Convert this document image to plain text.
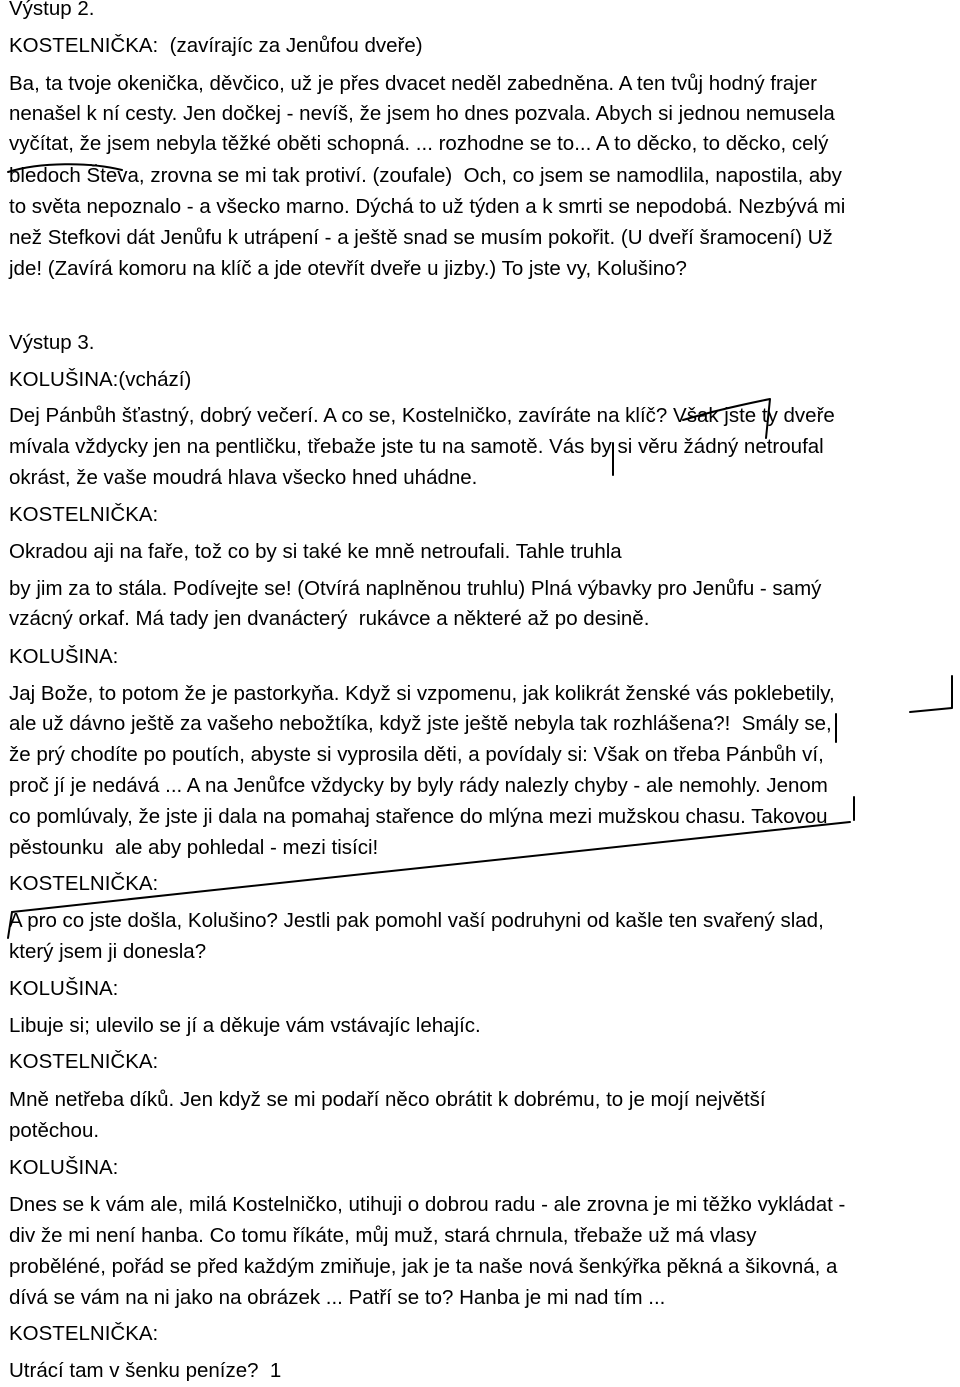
Výstup 2.
KOSTELNIČKA:  (zavírajíc za Jenůfou dveře)
Ba, ta tvoje okenička, děvčico, už je přes dvacet neděl zabedněna. A ten tvůj hodný frajer
nenašel k ní cesty. Jen dočkej - nevíš, že jsem ho dnes pozvala. Abych si jednou nemusela
vyčítat, že jsem nebyla těžké oběti schopná. ... rozhodne se to... A to děcko, to děcko, celý
bledoch Števa, zrovna se mi tak protiví. (zoufale)  Och, co jsem se namodlila, napostila, aby
to světa nepoznalo - a všecko marno. Dýchá to už týden a k smrti se nepodobá. Nezbývá mi
než Stefkovi dát Jenůfu k utrápení - a ještě snad se musím pokořit. (U dveří šramocení) Už
jde! (Zavírá komoru na klíč a jde otevřít dveře u jizby.) To jste vy, Kolušino?
Výstup 3.
KOLUŠINA:(vchází)
Dej Pánbůh šťastný, dobrý večerí. A co se, Kostelničko, zavíráte na klíč? Však jste ty dveře
mívala vždycky jen na pentličku, třebaže jste tu na samotě. Vás by si věru žádný netroufal
okrást, že vaše moudrá hlava všecko hned uhádne.
KOSTELNIČKA:
Okradou aji na faře, tož co by si také ke mně netroufali. Tahle truhla
by jim za to stála. Podívejte se! (Otvírá naplněnou truhlu) Plná výbavky pro Jenůfu - samý
vzácný orkaf. Má tady jen dvanácterý  rukávce a některé až po desině.
KOLUŠINA:
Jaj Bože, to potom že je pastorkyňa. Když si vzpomenu, jak kolikrát ženské vás poklebetily,
ale už dávno ještě za vašeho nebožtíka, když jste ještě nebyla tak rozhlášena?!  Smály se,
že prý chodíte po poutích, abyste si vyprosila děti, a povídaly si: Však on třeba Pánbůh ví,
proč jí je nedává ... A na Jenůfce vždycky by byly rády nalezly chyby - ale nemohly. Jenom
co pomlúvaly, že jste ji dala na pomahaj stařence do mlýna mezi mužskou chasu. Takovou
pěstounku  ale aby pohledal - mezi tisíci!
KOSTELNIČKA:
A pro co jste došla, Kolušino? Jestli pak pomohl vaší podruhyni od kašle ten svařený slad,
který jsem ji donesla?
KOLUŠINA:
Libuje si; ulevilo se jí a děkuje vám vstávajíc lehajíc.
KOSTELNIČKA:
Mně netřeba díků. Jen když se mi podaří něco obrátit k dobrému, to je mojí největší
potěchou.
KOLUŠINA:
Dnes se k vám ale, milá Kostelničko, utihuji o dobrou radu - ale zrovna je mi těžko vykládat -
div že mi není hanba. Co tomu říkáte, můj muž, stará chrnula, třebaže už má vlasy
proběléné, pořád se před každým zmiňuje, jak je ta naše nová šenkýřka pěkná a šikovná, a
dívá se vám na ni jako na obrázek ... Patří se to? Hanba je mi nad tím ...
KOSTELNIČKA:
Utrácí tam v šenku peníze?  1
